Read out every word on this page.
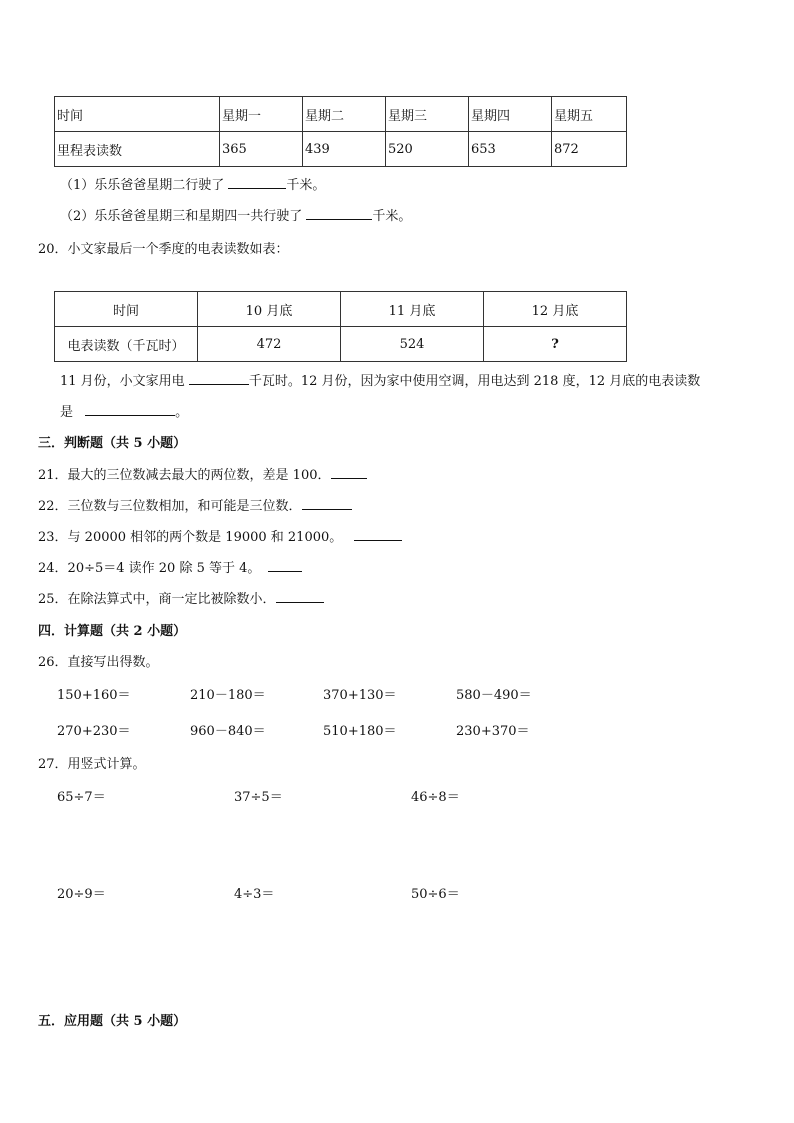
时间	星期一	星期二	星期三	星期四	星期五
里程表读数	365	439	520	653	872
（1）乐乐爸爸星期二行驶了	千米。
（2）乐乐爸爸星期三和星期四一共行驶了	千米。
20．小文家最后一个季度的电表读数如表：
时间	10 月底	11 月底	12 月底
电表读数（千瓦时）	472	524	?
11 月份，小文家用电	千瓦时。12 月份，因为家中使用空调，用电达到 218 度，12 月底的电表读数
是	。
三．判断题（共 5 小题）
21．最大的三位数减去最大的两位数，差是 100．
22．三位数与三位数相加，和可能是三位数．
23．与 20000 相邻的两个数是 19000 和 21000。
24．20÷5＝4 读作 20 除 5 等于 4。
25．在除法算式中，商一定比被除数小．
四．计算题（共 2 小题）
26．直接写出得数。
150+160＝	210－180＝	370+130＝	580－490＝
270+230＝	960－840＝	510+180＝	230+370＝
27．用竖式计算。
65÷7＝	37÷5＝	46÷8＝
20÷9＝	4÷3＝	50÷6＝
五．应用题（共 5 小题）
